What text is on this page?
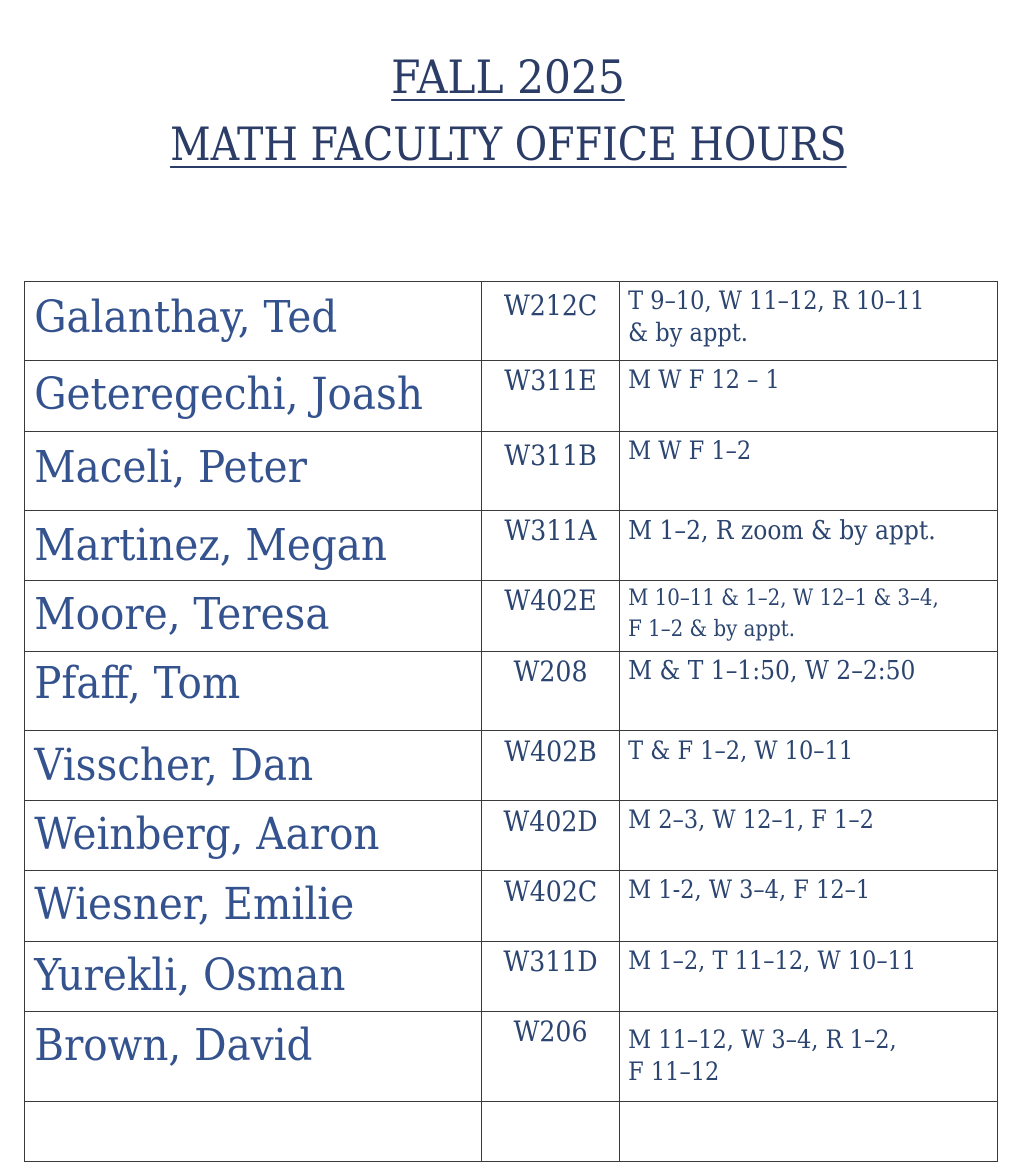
FALL 2025
MATH FACULTY OFFICE HOURS
Galanthay, Ted	W212C	T 9–10, W 11–12, R 10–11
& by appt.

Geteregechi, Joash	W311E	M W F 12 – 1

Maceli, Peter	W311B	M W F 1–2

Martinez, Megan	W311A	M 1–2, R zoom & by appt.

Moore, Teresa	W402E	M 10–11 & 1–2, W 12–1 & 3–4,
F 1–2 & by appt.

Pfaff, Tom	W208	M & T 1–1:50, W 2–2:50

Visscher, Dan	W402B	T & F 1–2, W 10–11

Weinberg, Aaron	W402D	M 2–3, W 12–1, F 1–2

Wiesner, Emilie	W402C	M 1-2, W 3–4, F 12–1

Yurekli, Osman	W311D	M 1–2, T 11–12, W 10–11

Brown, David	W206	M 11–12, W 3–4, R 1–2,
F 11–12
